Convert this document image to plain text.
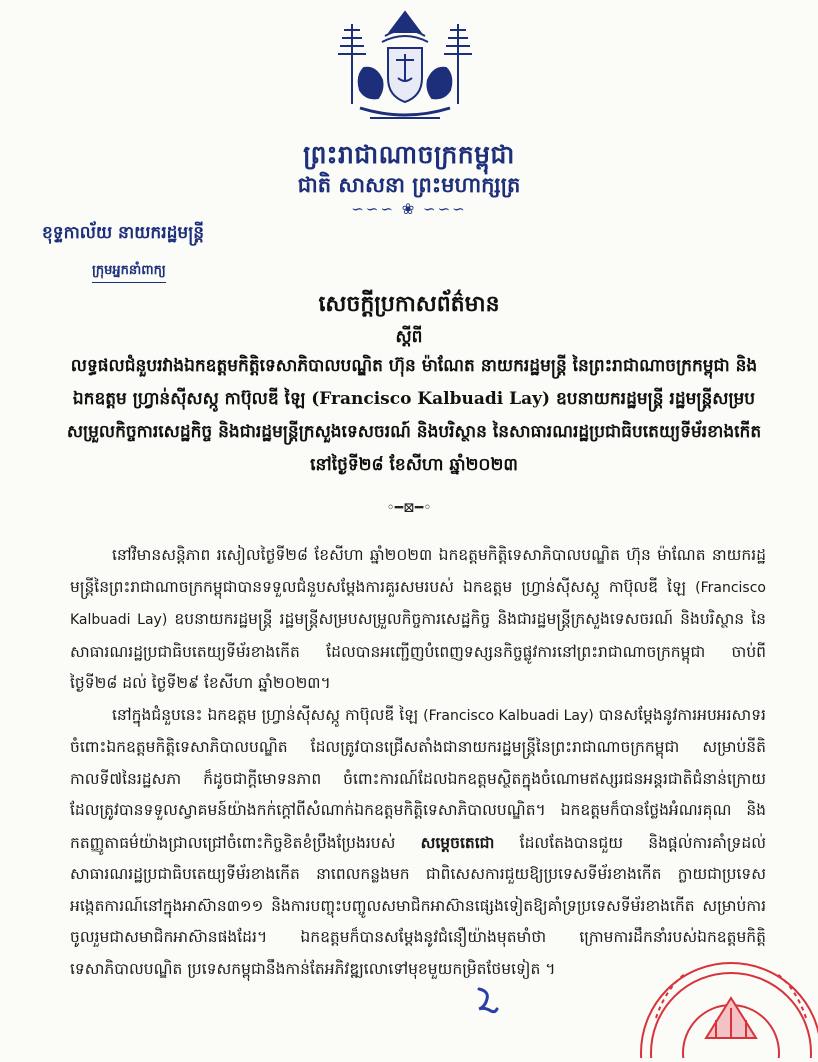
ព្រះរាជាណាចក្រកម្ពុជា
ជាតិ សាសនា ព្រះមហាក្សត្រ
∽∽∽ ❀ ∽∽∽
ខុទ្ទកាល័យ នាយករដ្ឋមន្ត្រី
ក្រុមអ្នកនាំពាក្យ
សេចក្តីប្រកាសព័ត៌មាន
ស្តីពី
លទ្ធផលជំនួបរវាងឯកឧត្តមកិត្តិទេសាភិបាលបណ្ឌិត ហ៊ុន ម៉ាណែត នាយករដ្ឋមន្ត្រី នៃព្រះរាជាណាចក្រកម្ពុជា និងឯកឧត្តម ហ្វ្រាន់ស៊ីសស្កូ កាប៊ុលឌី ឡៃ (Francisco Kalbuadi Lay) ឧបនាយករដ្ឋមន្ត្រី រដ្ឋមន្ត្រីសម្របសម្រួលកិច្ចការសេដ្ឋកិច្ច និងជារដ្ឋមន្ត្រីក្រសួងទេសចរណ៍ និងបរិស្ថាន នៃសាធារណរដ្ឋប្រជាធិបតេយ្យទីម័រខាងកើត នៅថ្ងៃទី២៨ ខែសីហា ឆ្នាំ២០២៣
◦━⊠━◦

នៅវិមានសន្តិភាព រសៀលថ្ងៃទី២៨ ខែសីហា ឆ្នាំ២០២៣ ឯកឧត្តមកិត្តិទេសាភិបាលបណ្ឌិត ហ៊ុន ម៉ាណែត នាយករដ្ឋមន្ត្រីនៃព្រះរាជាណាចក្រកម្ពុជាបានទទួលជំនួបសម្តែងការគួរសមរបស់ ឯកឧត្តម ហ្វ្រាន់ស៊ីសស្កូ កាប៊ុលឌី ឡៃ (Francisco Kalbuadi Lay) ឧបនាយករដ្ឋមន្ត្រី រដ្ឋមន្ត្រីសម្របសម្រួលកិច្ចការសេដ្ឋកិច្ច និងជារដ្ឋមន្ត្រីក្រសួងទេសចរណ៍ និងបរិស្ថាន នៃសាធារណរដ្ឋប្រជាធិបតេយ្យទីម័រខាងកើត ដែលបានអញ្ជើញបំពេញទស្សនកិច្ចផ្លូវការនៅព្រះរាជាណាចក្រកម្ពុជា ចាប់ពីថ្ងៃទី២៨ ដល់ ថ្ងៃទី២៩ ខែសីហា ឆ្នាំ២០២៣។

នៅក្នុងជំនួបនេះ ឯកឧត្តម ហ្វ្រាន់ស៊ីសស្កូ កាប៊ុលឌី ឡៃ (Francisco Kalbuadi Lay) បានសម្តែងនូវការអបអរសាទរចំពោះឯកឧត្តមកិត្តិទេសាភិបាលបណ្ឌិត ដែលត្រូវបានជ្រើសតាំងជានាយករដ្ឋមន្ត្រីនៃព្រះរាជាណាចក្រកម្ពុជា សម្រាប់នីតិកាលទី៧នៃរដ្ឋសភា ក៏ដូចជាក្តីមោទនភាព ចំពោះការណ៍ដែលឯកឧត្តមស្ថិតក្នុងចំណោមឥស្សរជនអន្តរជាតិជំនាន់ក្រោយ ដែលត្រូវបានទទួលស្វាគមន៍យ៉ាងកក់ក្តៅពីសំណាក់ឯកឧត្តមកិត្តិទេសាភិបាលបណ្ឌិត។ ឯកឧត្តមក៏បានថ្លែងអំណរគុណ និងកតញ្ញូតាធម៌យ៉ាងជ្រាលជ្រៅចំពោះកិច្ចខិតខំប្រឹងប្រែងរបស់ សម្តេចតេជោ ដែលតែងបានជួយ និងផ្តល់ការគាំទ្រដល់សាធារណរដ្ឋប្រជាធិបតេយ្យទីម័រខាងកើត នាពេលកន្លងមក ជាពិសេសការជួយឱ្យប្រទេសទីម័រខាងកើត ក្លាយជាប្រទេសអង្កេតការណ៍នៅក្នុងអាស៊ាន៣១១ និងការបញ្ចុះបញ្ចូលសមាជិកអាស៊ានផ្សេងទៀតឱ្យគាំទ្រប្រទេសទីម័រខាងកើត សម្រាប់ការចូលរួមជាសមាជិកអាស៊ានផងដែរ។ ឯកឧត្តមក៏បានសម្តែងនូវជំនឿយ៉ាងមុតមាំថា ក្រោមការដឹកនាំរបស់ឯកឧត្តមកិត្តិទេសាភិបាលបណ្ឌិត ប្រទេសកម្ពុជានឹងកាន់តែអភិវឌ្ឍលោទៅមុខមួយកម្រិតថែមទៀត ។
